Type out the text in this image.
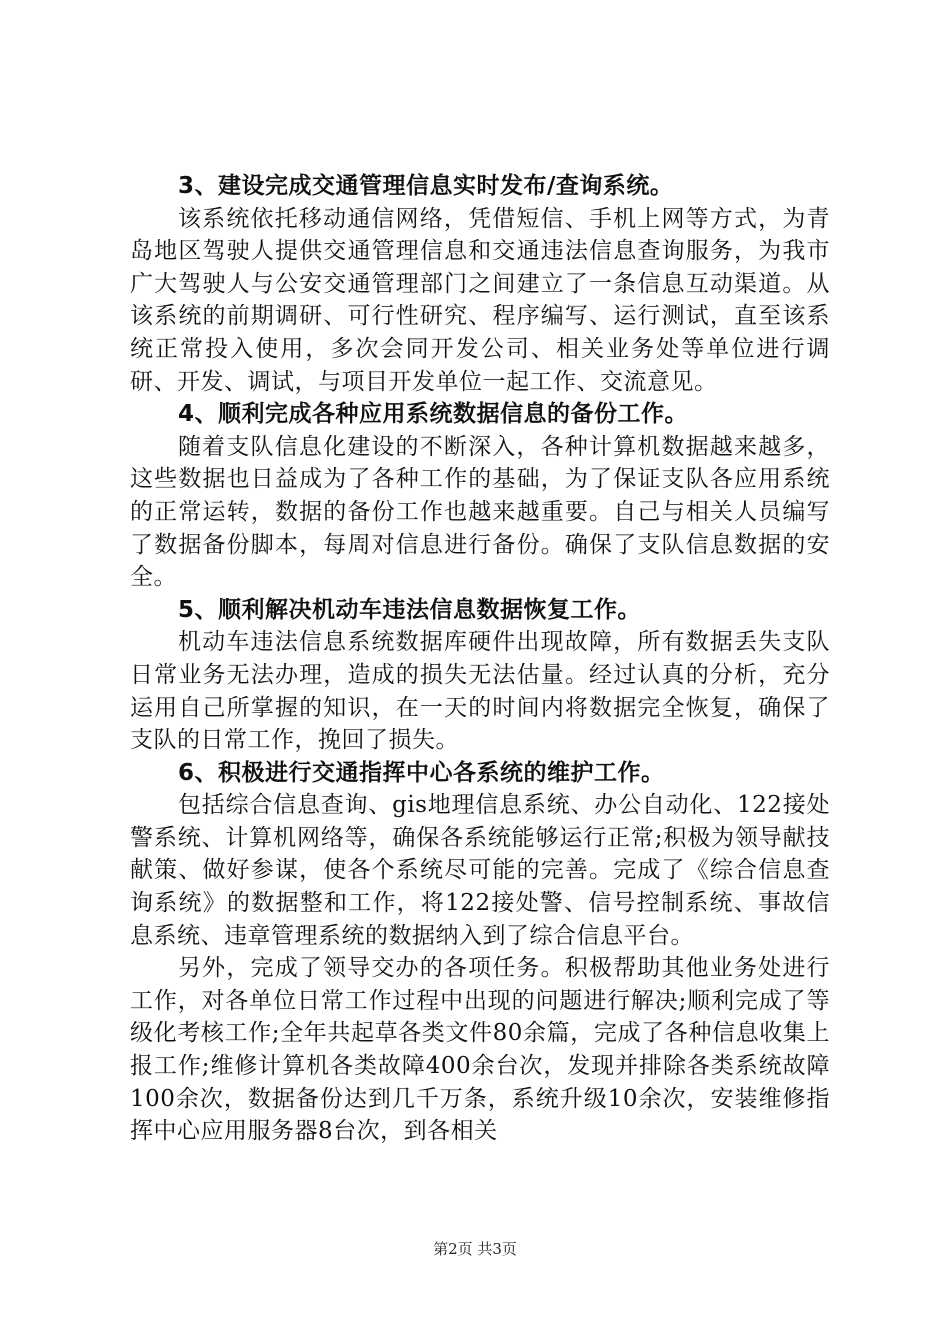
3、建设完成交通管理信息实时发布/查询系统。

该系统依托移动通信网络，凭借短信、手机上网等方式，为青岛地区驾驶人提供交通管理信息和交通违法信息查询服务，为我市广大驾驶人与公安交通管理部门之间建立了一条信息互动渠道。从该系统的前期调研、可行性研究、程序编写、运行测试，直至该系统正常投入使用，多次会同开发公司、相关业务处等单位进行调研、开发、调试，与项目开发单位一起工作、交流意见。

4、顺利完成各种应用系统数据信息的备份工作。

随着支队信息化建设的不断深入，各种计算机数据越来越多，这些数据也日益成为了各种工作的基础，为了保证支队各应用系统的正常运转，数据的备份工作也越来越重要。自己与相关人员编写了数据备份脚本，每周对信息进行备份。确保了支队信息数据的安全。

5、顺利解决机动车违法信息数据恢复工作。

机动车违法信息系统数据库硬件出现故障，所有数据丢失支队日常业务无法办理，造成的损失无法估量。经过认真的分析，充分运用自己所掌握的知识，在一天的时间内将数据完全恢复，确保了支队的日常工作，挽回了损失。

6、积极进行交通指挥中心各系统的维护工作。

包括综合信息查询、gis地理信息系统、办公自动化、122接处警系统、计算机网络等，确保各系统能够运行正常;积极为领导献技献策、做好参谋，使各个系统尽可能的完善。完成了《综合信息查询系统》的数据整和工作，将122接处警、信号控制系统、事故信息系统、违章管理系统的数据纳入到了综合信息平台。

另外，完成了领导交办的各项任务。积极帮助其他业务处进行工作，对各单位日常工作过程中出现的问题进行解决;顺利完成了等级化考核工作;全年共起草各类文件80余篇，完成了各种信息收集上报工作;维修计算机各类故障400余台次，发现并排除各类系统故障100余次，数据备份达到几千万条，系统升级10余次，安装维修指挥中心应用服务器8台次，到各相关

第2页 共3页
